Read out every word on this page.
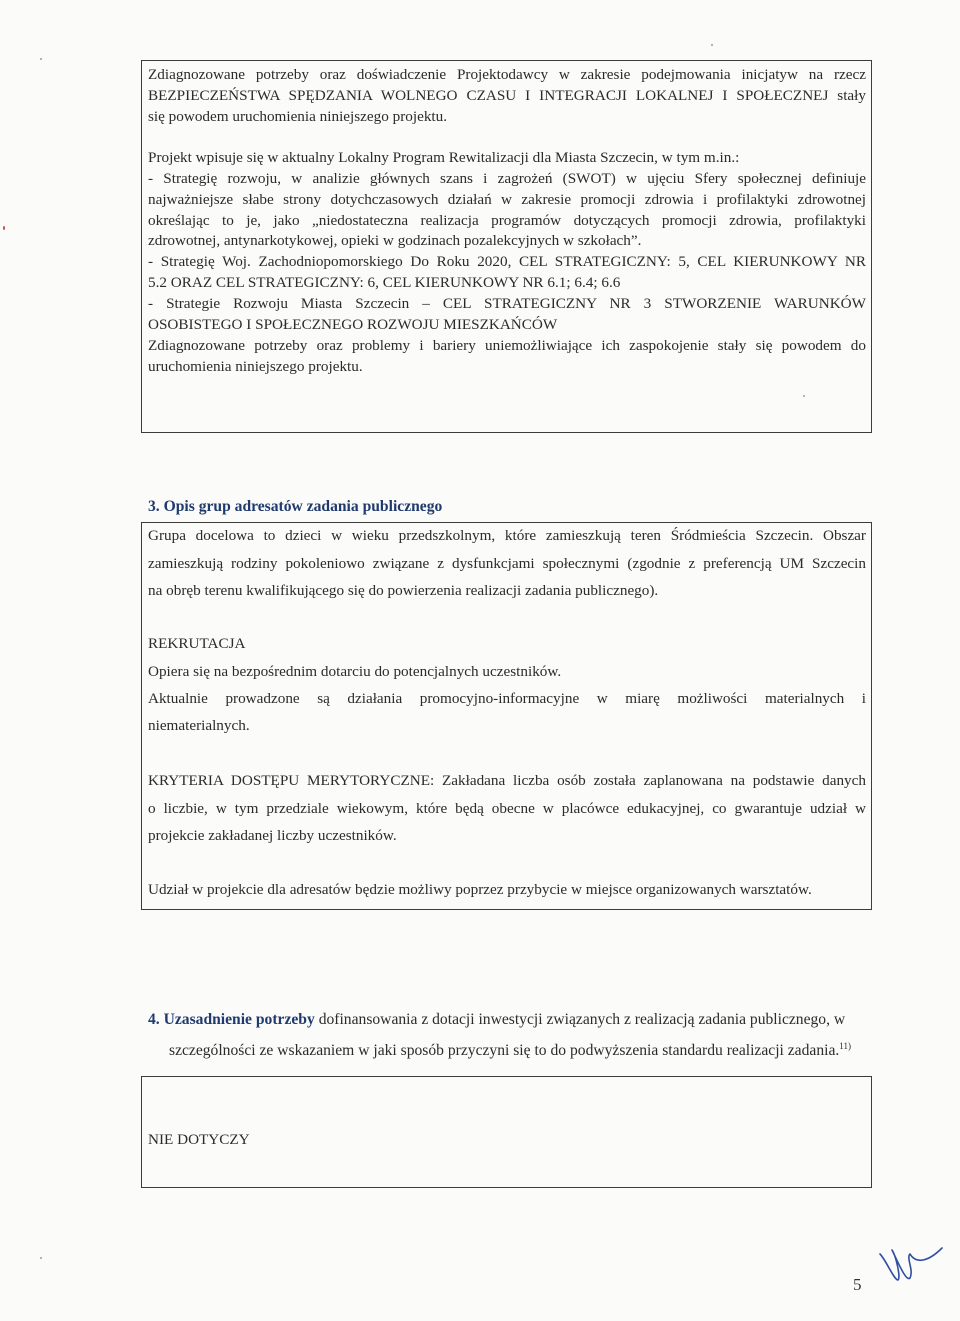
Zdiagnozowane potrzeby oraz doświadczenie Projektodawcy w zakresie podejmowania inicjatyw na rzecz

BEZPIECZEŃSTWA SPĘDZANIA WOLNEGO CZASU I INTEGRACJI LOKALNEJ I SPOŁECZNEJ stały

się powodem uruchomienia niniejszego projektu.

Projekt wpisuje się w aktualny Lokalny Program Rewitalizacji dla Miasta Szczecin, w tym m.in.:

- Strategię rozwoju, w analizie głównych szans i zagrożeń (SWOT) w ujęciu Sfery społecznej definiuje

najważniejsze słabe strony dotychczasowych działań w zakresie promocji zdrowia i profilaktyki zdrowotnej

określając to je, jako „niedostateczna realizacja programów dotyczących promocji zdrowia, profilaktyki

zdrowotnej, antynarkotykowej, opieki w godzinach pozalekcyjnych w szkołach”.

- Strategię Woj. Zachodniopomorskiego Do Roku 2020, CEL STRATEGICZNY: 5, CEL KIERUNKOWY NR

5.2 ORAZ CEL STRATEGICZNY: 6, CEL KIERUNKOWY NR 6.1; 6.4; 6.6

- Strategie Rozwoju Miasta Szczecin – CEL STRATEGICZNY NR 3 STWORZENIE WARUNKÓW

OSOBISTEGO I SPOŁECZNEGO ROZWOJU MIESZKAŃCÓW

Zdiagnozowane potrzeby oraz problemy i bariery uniemożliwiające ich zaspokojenie stały się powodem do

uruchomienia niniejszego projektu.

3. Opis grup adresatów zadania publicznego

Grupa docelowa to dzieci w wieku przedszkolnym, które zamieszkują teren Śródmieścia Szczecin. Obszar

zamieszkują rodziny pokoleniowo związane z dysfunkcjami społecznymi (zgodnie z preferencją UM Szczecin

na obręb terenu kwalifikującego się do powierzenia realizacji zadania publicznego).

REKRUTACJA

Opiera się na bezpośrednim dotarciu do potencjalnych uczestników.

Aktualnie prowadzone są działania promocyjno-informacyjne w miarę możliwości materialnych i

niematerialnych.

KRYTERIA DOSTĘPU MERYTORYCZNE: Zakładana liczba osób została zaplanowana na podstawie danych

o liczbie, w tym przedziale wiekowym, które będą obecne w placówce edukacyjnej, co gwarantuje udział w

projekcie zakładanej liczby uczestników.

Udział w projekcie dla adresatów będzie możliwy poprzez przybycie w miejsce organizowanych warsztatów.

4. Uzasadnienie potrzeby dofinansowania z dotacji inwestycji związanych z realizacją zadania publicznego, w
szczególności ze wskazaniem w jaki sposób przyczyni się to do podwyższenia standardu realizacji zadania.$^{11)}$

NIE DOTYCZY

5
